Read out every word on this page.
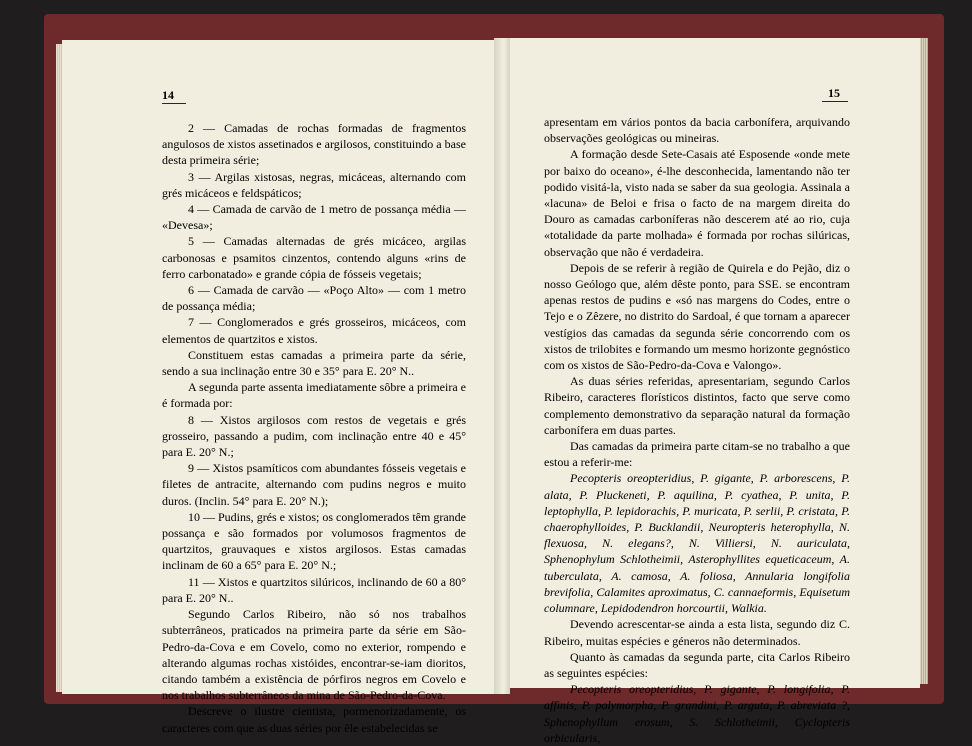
14	15

2 — Camadas de rochas formadas de fragmentos angulosos de xistos assetinados e argilosos, constituindo a base desta primeira série;

3 — Argilas xistosas, negras, micáceas, alternando com grés micáceos e feldspáticos;

4 — Camada de carvão de 1 metro de possança média — «Devesa»;

5 — Camadas alternadas de grés micáceo, argilas carbonosas e psamitos cinzentos, contendo alguns «rins de ferro carbonatado» e grande cópia de fósseis vegetais;

6 — Camada de carvão — «Poço Alto» — com 1 metro de possança média;

7 — Conglomerados e grés grosseiros, micáceos, com elementos de quartzitos e xistos.

Constituem estas camadas a primeira parte da série, sendo a sua inclinação entre 30 e 35° para E. 20° N..

A segunda parte assenta imediatamente sôbre a primeira e é formada por:

8 — Xistos argilosos com restos de vegetais e grés grosseiro, passando a pudim, com inclinação entre 40 e 45° para E. 20° N.;

9 — Xistos psamíticos com abundantes fósseis vegetais e filetes de antracite, alternando com pudins negros e muito duros. (Inclin. 54° para E. 20° N.);

10 — Pudins, grés e xistos; os conglomerados têm grande possança e são formados por volumosos fragmentos de quartzitos, grauvaques e xistos argilosos. Estas camadas inclinam de 60 a 65° para E. 20° N.;

11 — Xistos e quartzitos silúricos, inclinando de 60 a 80° para E. 20° N..

Segundo Carlos Ribeiro, não só nos trabalhos subterrâneos, praticados na primeira parte da série em São-Pedro-da-Cova e em Covelo, como no exterior, rompendo e alterando algumas rochas xistóides, encontrar-se-iam dioritos, citando também a existência de pórfiros negros em Covelo e nos trabalhos subterrâneos da mina de São-Pedro-da-Cova.

Descreve o ilustre cientista, pormenorizadamente, os caracteres com que as duas séries por êle estabelecidas se

apresentam em vários pontos da bacia carbonífera, arquivando observações geológicas ou mineiras.

A formação desde Sete-Casais até Esposende «onde mete por baixo do oceano», é-lhe desconhecida, lamentando não ter podido visitá-la, visto nada se saber da sua geologia. Assinala a «lacuna» de Beloi e frisa o facto de na margem direita do Douro as camadas carboníferas não descerem até ao rio, cuja «totalidade da parte molhada» é formada por rochas silúricas, observação que não é verdadeira.

Depois de se referir à região de Quirela e do Pejão, diz o nosso Geólogo que, além dêste ponto, para SSE. se encontram apenas restos de pudins e «só nas margens do Codes, entre o Tejo e o Zêzere, no distrito do Sardoal, é que tornam a aparecer vestígios das camadas da segunda série concorrendo com os xistos de trilobites e formando um mesmo horizonte gegnóstico com os xistos de São-Pedro-da-Cova e Valongo».

As duas séries referidas, apresentariam, segundo Carlos Ribeiro, caracteres florísticos distintos, facto que serve como complemento demonstrativo da separação natural da formação carbonífera em duas partes.

Das camadas da primeira parte citam-se no trabalho a que estou a referir-me:

Pecopteris oreopteridius, P. gigante, P. arborescens, P. alata, P. Pluckeneti, P. aquilina, P. cyathea, P. unita, P. leptophylla, P. lepidorachis, P. muricata, P. serlii, P. cristata, P. chaerophylloides, P. Bucklandii, Neuropteris heterophylla, N. flexuosa, N. elegans?, N. Villiersi, N. auriculata, Sphenophylum Schlotheimii, Asterophyllites equeticaceum, A. tuberculata, A. camosa, A. foliosa, Annularia longifolia brevifolia, Calamites aproximatus, C. cannaeformis, Equisetum columnare, Lepidodendron horcourtii, Walkia.

Devendo acrescentar-se ainda a esta lista, segundo diz C. Ribeiro, muitas espécies e géneros não determinados.

Quanto às camadas da segunda parte, cita Carlos Ribeiro as seguintes espécies:

Pecopteris oreopteridius, P. gigante, P. longifolia, P. affinis, P. polymorpha, P. grandini, P. arguta, P. abreviata ?, Sphenophyllum erosum, S. Schlotheimii, Cyclopteris orbicularis,
